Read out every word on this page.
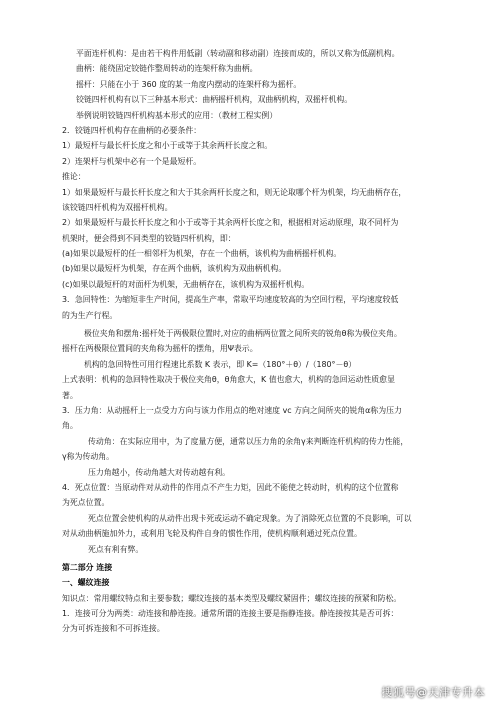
平面连杆机构：是由若干构件用低副（转动副和移动副）连接而成的，所以又称为低副机构。
曲柄：能绕固定铰链作整周转动的连架杆称为曲柄。
摇杆：只能在小于 360 度的某一角度内摆动的连架杆称为摇杆。
铰链四杆机构有以下三种基本形式：曲柄摇杆机构，双曲柄机构，双摇杆机构。
举例说明铰链四杆机构基本形式的应用：（教材工程实例）
2．铰链四杆机构存在曲柄的必要条件：
1）最短杆与最长杆长度之和小于或等于其余两杆长度之和。
2）连架杆与机架中必有一个是最短杆。
推论：
1）如果最短杆与最长杆长度之和大于其余两杆长度之和，则无论取哪个杆为机架，均无曲柄存在，
该铰链四杆机构为双摇杆机构。
2）如果最短杆与最长杆长度之和小于或等于其余两杆长度之和，根据相对运动原理，取不同杆为
机架时，便会得到不同类型的铰链四杆机构，即：
(a)如果以最短杆的任一相邻杆为机架，存在一个曲柄，该机构为曲柄摇杆机构。
(b)如果以最短杆为机架，存在两个曲柄，该机构为双曲柄机构。
(c)如果以最短杆的对面杆为机架，无曲柄存在，该机构为双摇杆机构。
3．急回特性：为缩短非生产时间，提高生产率，常取平均速度较高的为空回行程，平均速度较低
的为生产行程。
极位夹角和摆角:摇杆处于两极限位置时,对应的曲柄两位置之间所夹的锐角θ称为极位夹角。
摇杆在两极限位置间的夹角称为摇杆的摆角，用Ψ表示。
机构的急回特性可用行程速比系数 K 表示，即 K=（180°＋θ）/（180°－θ）
上式表明：机构的急回特性取决于极位夹角θ，θ角愈大，K 值也愈大，机构的急回运动性质愈显
著。
3．压力角：从动摇杆上一点受力方向与该力作用点的绝对速度 vc 方向之间所夹的锐角α称为压力
角。
传动角：在实际应用中，为了度量方便，通常以压力角的余角γ来判断连杆机构的传力性能，
γ称为传动角。
压力角越小，传动角越大对传动越有利。
4．死点位置：当原动件对从动件的作用点不产生力矩，因此不能使之转动时，机构的这个位置称
为死点位置。
死点位置会使机构的从动件出现卡死或运动不确定现象。为了消除死点位置的不良影响，可以
对从动曲柄施加外力，或利用飞轮及构件自身的惯性作用，使机构顺利通过死点位置。
死点有利有弊。
第二部分 连接
一、螺纹连接
知识点：常用螺纹特点和主要参数；螺纹连接的基本类型及螺纹紧固件；螺纹连接的预紧和防松。
1．连接可分为两类：动连接和静连接。通常所谓的连接主要是指静连接。静连接按其是否可拆：
分为可拆连接和不可拆连接。
搜狐号@天津专升本
